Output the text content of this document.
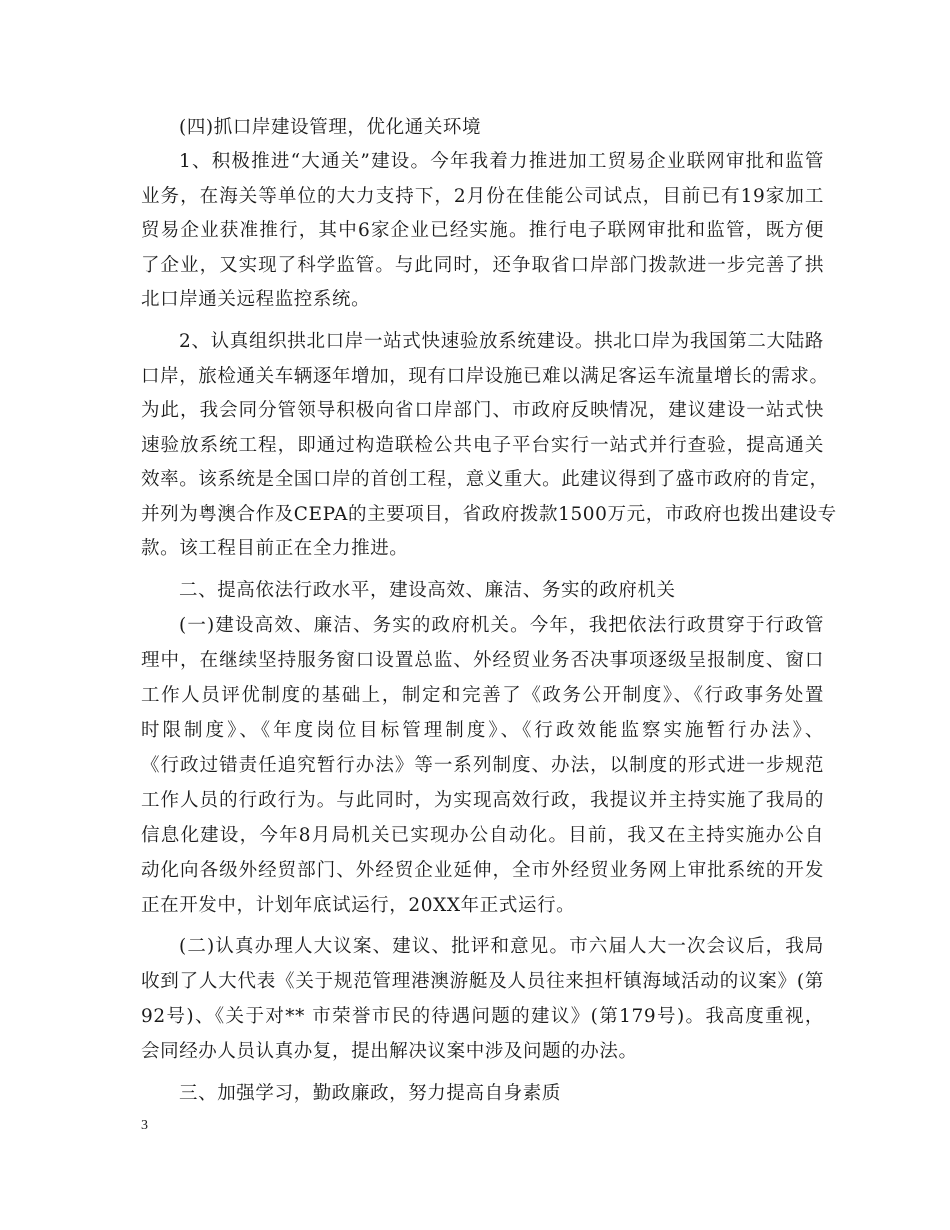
(四)抓口岸建设管理，优化通关环境
1、积极推进“大通关”建设。今年我着力推进加工贸易企业联网审批和监管
业务，在海关等单位的大力支持下，2月份在佳能公司试点，目前已有19家加工
贸易企业获准推行，其中6家企业已经实施。推行电子联网审批和监管，既方便
了企业，又实现了科学监管。与此同时，还争取省口岸部门拨款进一步完善了拱
北口岸通关远程监控系统。
2、认真组织拱北口岸一站式快速验放系统建设。拱北口岸为我国第二大陆路
口岸，旅检通关车辆逐年增加，现有口岸设施已难以满足客运车流量增长的需求。
为此，我会同分管领导积极向省口岸部门、市政府反映情况，建议建设一站式快
速验放系统工程，即通过构造联检公共电子平台实行一站式并行查验，提高通关
效率。该系统是全国口岸的首创工程，意义重大。此建议得到了盛市政府的肯定，
并列为粤澳合作及CEPA的主要项目，省政府拨款1500万元，市政府也拨出建设专
款。该工程目前正在全力推进。
二、提高依法行政水平，建设高效、廉洁、务实的政府机关
(一)建设高效、廉洁、务实的政府机关。今年，我把依法行政贯穿于行政管
理中，在继续坚持服务窗口设置总监、外经贸业务否决事项逐级呈报制度、窗口
工作人员评优制度的基础上，制定和完善了《政务公开制度》、《行政事务处置
时限制度》、《年度岗位目标管理制度》、《行政效能监察实施暂行办法》、
《行政过错责任追究暂行办法》等一系列制度、办法，以制度的形式进一步规范
工作人员的行政行为。与此同时，为实现高效行政，我提议并主持实施了我局的
信息化建设，今年8月局机关已实现办公自动化。目前，我又在主持实施办公自
动化向各级外经贸部门、外经贸企业延伸，全市外经贸业务网上审批系统的开发
正在开发中，计划年底试运行，20XX年正式运行。
(二)认真办理人大议案、建议、批评和意见。市六届人大一次会议后，我局
收到了人大代表《关于规范管理港澳游艇及人员往来担杆镇海域活动的议案》(第
92号)、《关于对** 市荣誉市民的待遇问题的建议》(第179号)。我高度重视，
会同经办人员认真办复，提出解决议案中涉及问题的办法。
三、加强学习，勤政廉政，努力提高自身素质
3
